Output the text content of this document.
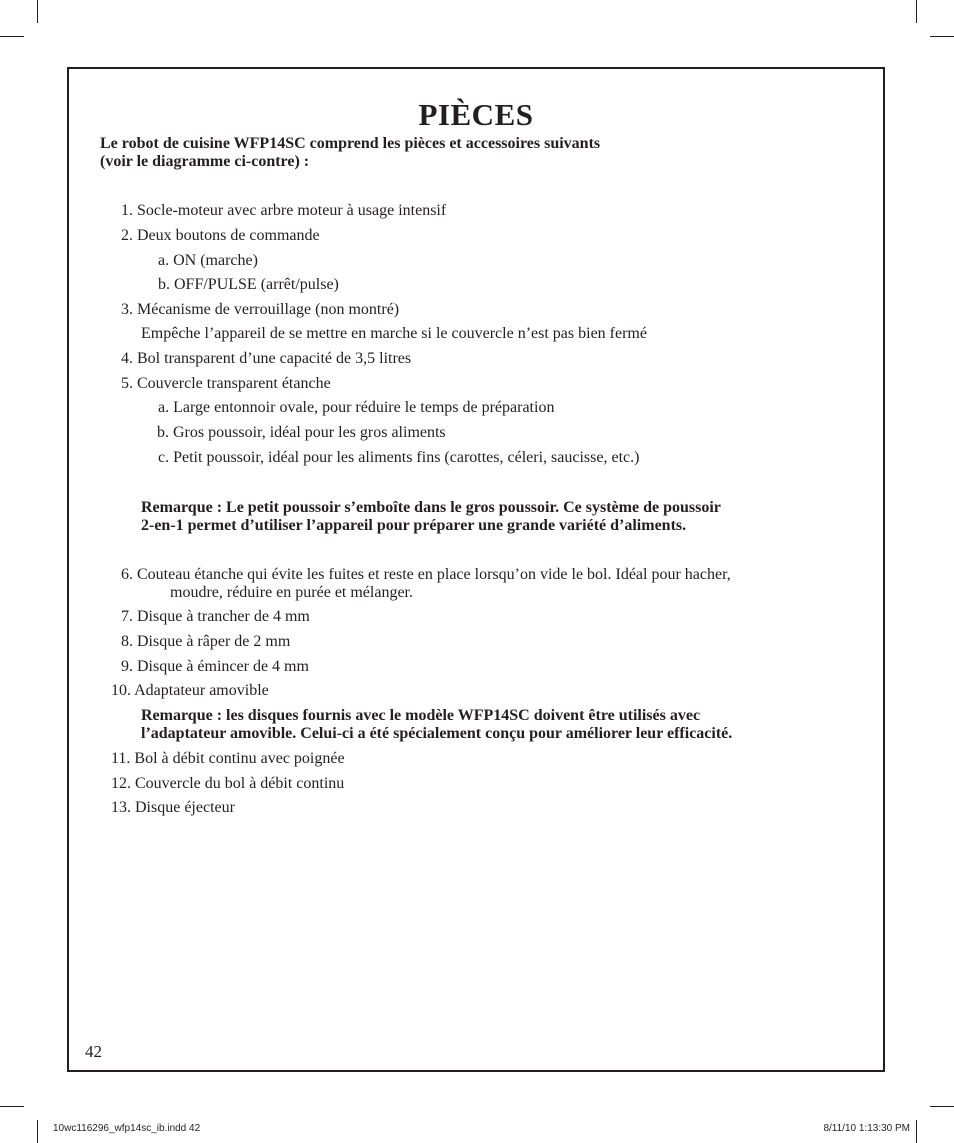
PIÈCES
Le robot de cuisine WFP14SC comprend les pièces et accessoires suivants
(voir le diagramme ci-contre) :
1. Socle-moteur avec arbre moteur à usage intensif
2. Deux boutons de commande
a. ON (marche)
b. OFF/PULSE (arrêt/pulse)
3. Mécanisme de verrouillage (non montré)
Empêche l’appareil de se mettre en marche si le couvercle n’est pas bien fermé
4. Bol transparent d’une capacité de 3,5 litres
5. Couvercle transparent étanche
a. Large entonnoir ovale, pour réduire le temps de préparation
b. Gros poussoir, idéal pour les gros aliments
c. Petit poussoir, idéal pour les aliments fins (carottes, céleri, saucisse, etc.)
Remarque : Le petit poussoir s’emboîte dans le gros poussoir. Ce système de poussoir
2-en-1 permet d’utiliser l’appareil pour préparer une grande variété d’aliments.
6. Couteau étanche qui évite les fuites et reste en place lorsqu’on vide le bol. Idéal pour hacher,
moudre, réduire en purée et mélanger.
7. Disque à trancher de 4 mm
8. Disque à râper de 2 mm
9. Disque à émincer de 4 mm
10. Adaptateur amovible
Remarque : les disques fournis avec le modèle WFP14SC doivent être utilisés avec
l’adaptateur amovible. Celui-ci a été spécialement conçu pour améliorer leur efficacité.
11. Bol à débit continu avec poignée
12. Couvercle du bol à débit continu
13. Disque éjecteur
42
10wc116296_wfp14sc_ib.indd 42	8/11/10 1:13:30 PM
